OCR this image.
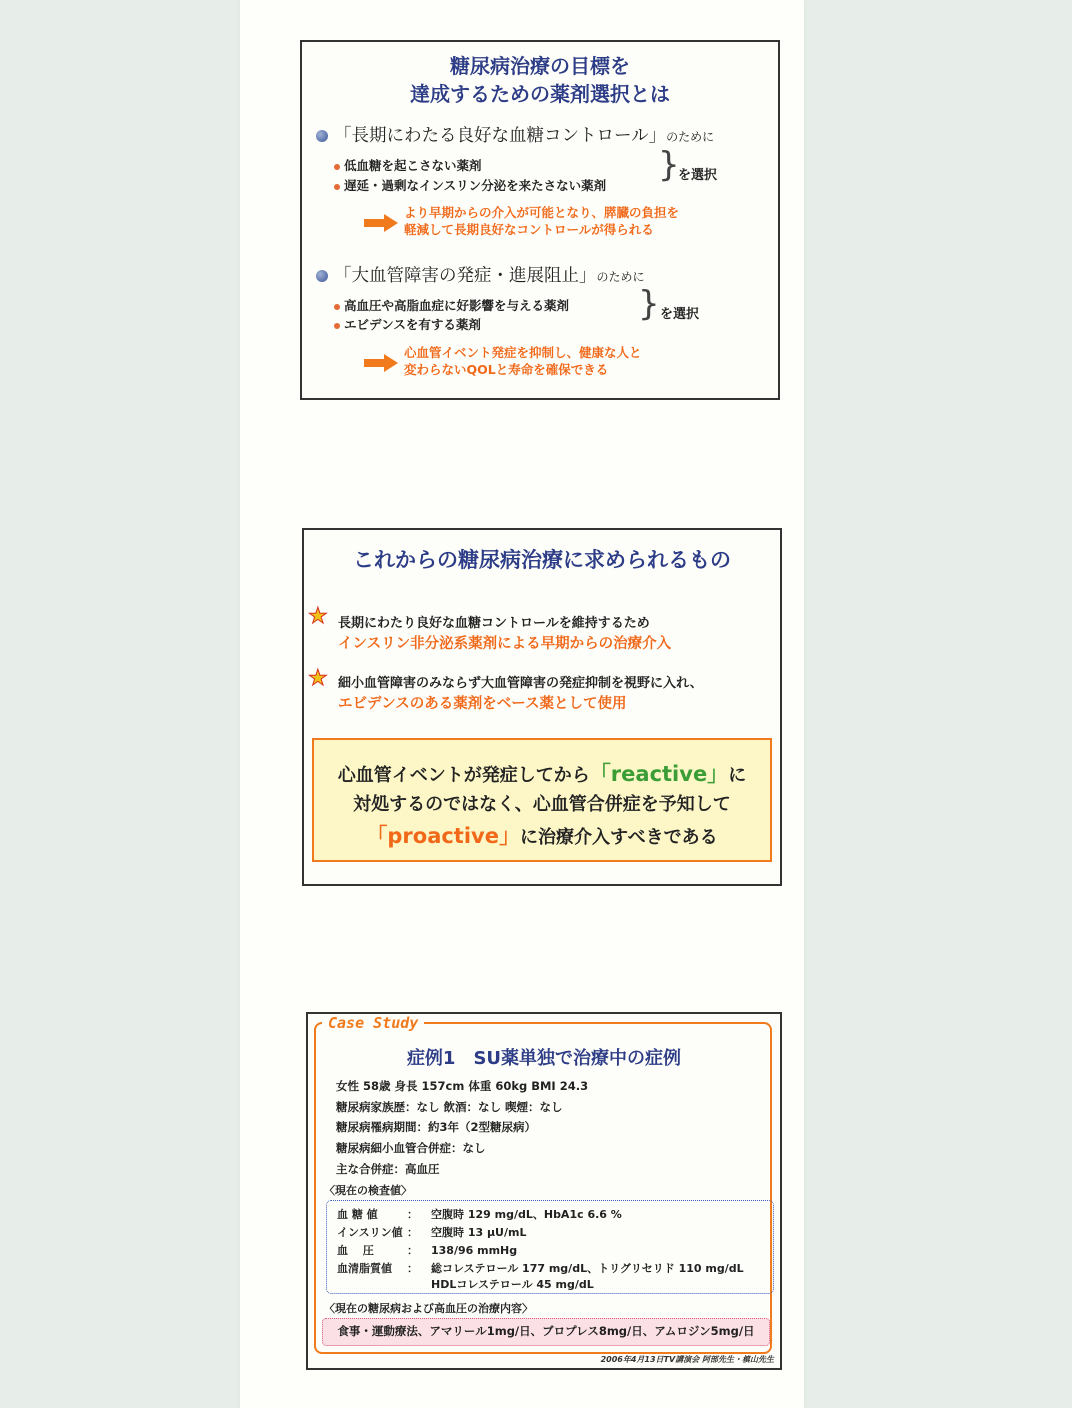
糖尿病治療の目標を
達成するための薬剤選択とは
「長期にわたる良好な血糖コントロール」のために
低血糖を起こさない薬剤
遅延・過剰なインスリン分泌を来たさない薬剤
}
を選択
より早期からの介入が可能となり、膵臓の負担を
軽減して長期良好なコントロールが得られる
「大血管障害の発症・進展阻止」のために
高血圧や高脂血症に好影響を与える薬剤
エビデンスを有する薬剤
} を選択
心血管イベント発症を抑制し、健康な人と
変わらないQOLと寿命を確保できる
これからの糖尿病治療に求められるもの
★ 長期にわたり良好な血糖コントロールを維持するため
インスリン非分泌系薬剤による早期からの治療介入
★ 細小血管障害のみならず大血管障害の発症抑制を視野に入れ、
エビデンスのある薬剤をベース薬として使用
心血管イベントが発症してから「reactive」に
対処するのではなく、心血管合併症を予知して
「proactive」に治療介入すべきである
Case Study
症例1　SU薬単独で治療中の症例
女性 58歳 身長 157cm 体重 60kg BMI 24.3
糖尿病家族歴：なし 飲酒：なし 喫煙：なし
糖尿病罹病期間：約3年（2型糖尿病）
糖尿病細小血管合併症：なし
主な合併症：高血圧
〈現在の検査値〉
血 糖 値	： 空腹時 129 mg/dL、HbA1c 6.6 %
インスリン値 ： 空腹時 13 μU/mL
血　 圧	： 138/96 mmHg
血清脂質値 ： 総コレステロール 177 mg/dL、トリグリセリド 110 mg/dL
HDLコレステロール 45 mg/dL
〈現在の糖尿病および高血圧の治療内容〉
食事・運動療法、アマリール1mg/日、ブロプレス8mg/日、アムロジン5mg/日
2006年4月13日TV講演会 阿部先生・槙山先生
